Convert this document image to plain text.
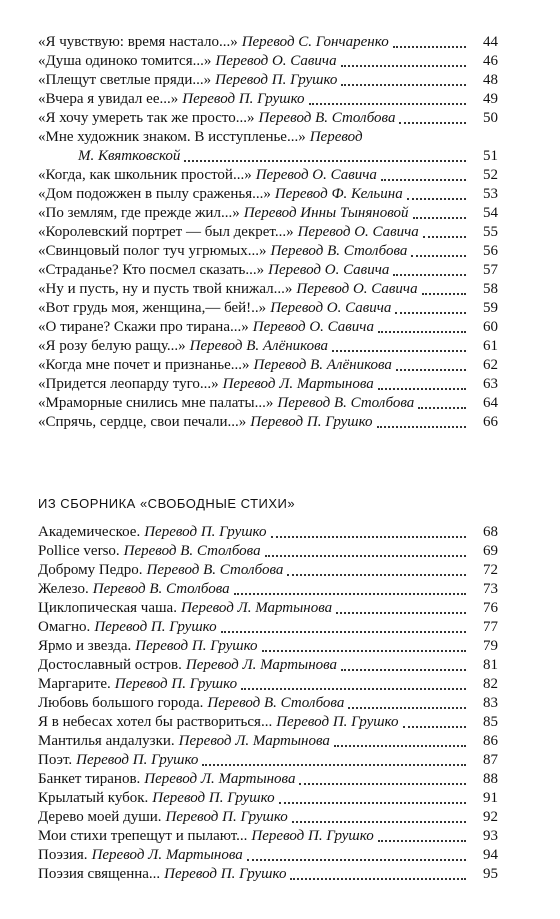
«Я чувствую: время настало...» Перевод С. Гончаренко	44
«Душа одиноко томится...» Перевод О. Савича	46
«Плещут светлые пряди...» Перевод П. Грушко	48
«Вчера я увидал ее...» Перевод П. Грушко	49
«Я хочу умереть так же просто...» Перевод В. Столбова	50
«Мне художник знаком. В исступленье...» Перевод
М. Квятковской	51
«Когда, как школьник простой...» Перевод О. Савича	52
«Дом подожжен в пылу сраженья...» Перевод Ф. Кельина	53
«По землям, где прежде жил...» Перевод Инны Тыняновой	54
«Королевский портрет — был декрет...» Перевод О. Савича	55
«Свинцовый полог туч угрюмых...» Перевод В. Столбова	56
«Страданье? Кто посмел сказать...» Перевод О. Савича	57
«Ну и пусть, ну и пусть твой книжал...» Перевод О. Савича	58
«Вот грудь моя, женщина,— бей!..» Перевод О. Савича	59
«О тиране? Скажи про тирана...» Перевод О. Савича	60
«Я розу белую ращу...» Перевод В. Алёникова	61
«Когда мне почет и признанье...» Перевод В. Алёникова	62
«Придется леопарду туго...» Перевод Л. Мартынова	63
«Мраморные снились мне палаты...» Перевод В. Столбова	64
«Спрячь, сердце, свои печали...» Перевод П. Грушко	66
ИЗ СБОРНИКА «СВОБОДНЫЕ СТИХИ»
Академическое. Перевод П. Грушко	68
Pollice verso. Перевод В. Столбова	69
Доброму Педро. Перевод В. Столбова	72
Железо. Перевод В. Столбова	73
Циклопическая чаша. Перевод Л. Мартынова	76
Омагно. Перевод П. Грушко	77
Ярмо и звезда. Перевод П. Грушко	79
Достославный остров. Перевод Л. Мартынова	81
Маргарите. Перевод П. Грушко	82
Любовь большого города. Перевод В. Столбова	83
Я в небесах хотел бы раствориться... Перевод П. Грушко	85
Мантилья андалузки. Перевод Л. Мартынова	86
Поэт. Перевод П. Грушко	87
Банкет тиранов. Перевод Л. Мартынова	88
Крылатый кубок. Перевод П. Грушко	91
Дерево моей души. Перевод П. Грушко	92
Мои стихи трепещут и пылают... Перевод П. Грушко	93
Поэзия. Перевод Л. Мартынова	94
Поэзия священна... Перевод П. Грушко	95
